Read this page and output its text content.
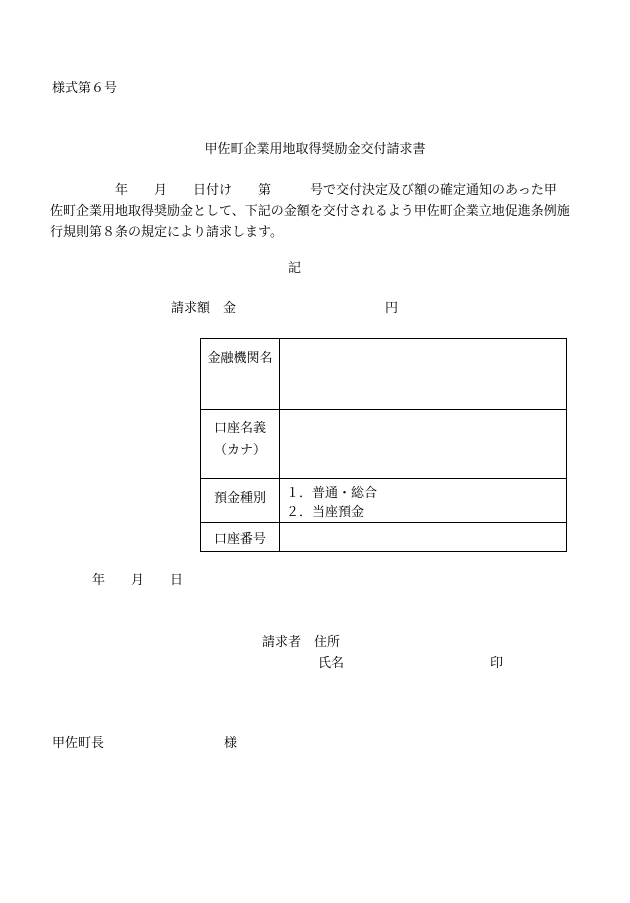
様式第６号
甲佐町企業用地取得奨励金交付請求書
　　　　　年　　月　　日付け　　第　　　号で交付決定及び額の確定通知のあった甲
佐町企業用地取得奨励金として、下記の金額を交付されるよう甲佐町企業立地促進条例施
行規則第８条の規定により請求します。
記
請求額　金	円
金融機関名	

口座名義
（カナ）	

預金種別	１．普通・総合
２．当座預金

口座番号	

年　　月　　日
請求者　住所
氏名	印
甲佐町長	様
